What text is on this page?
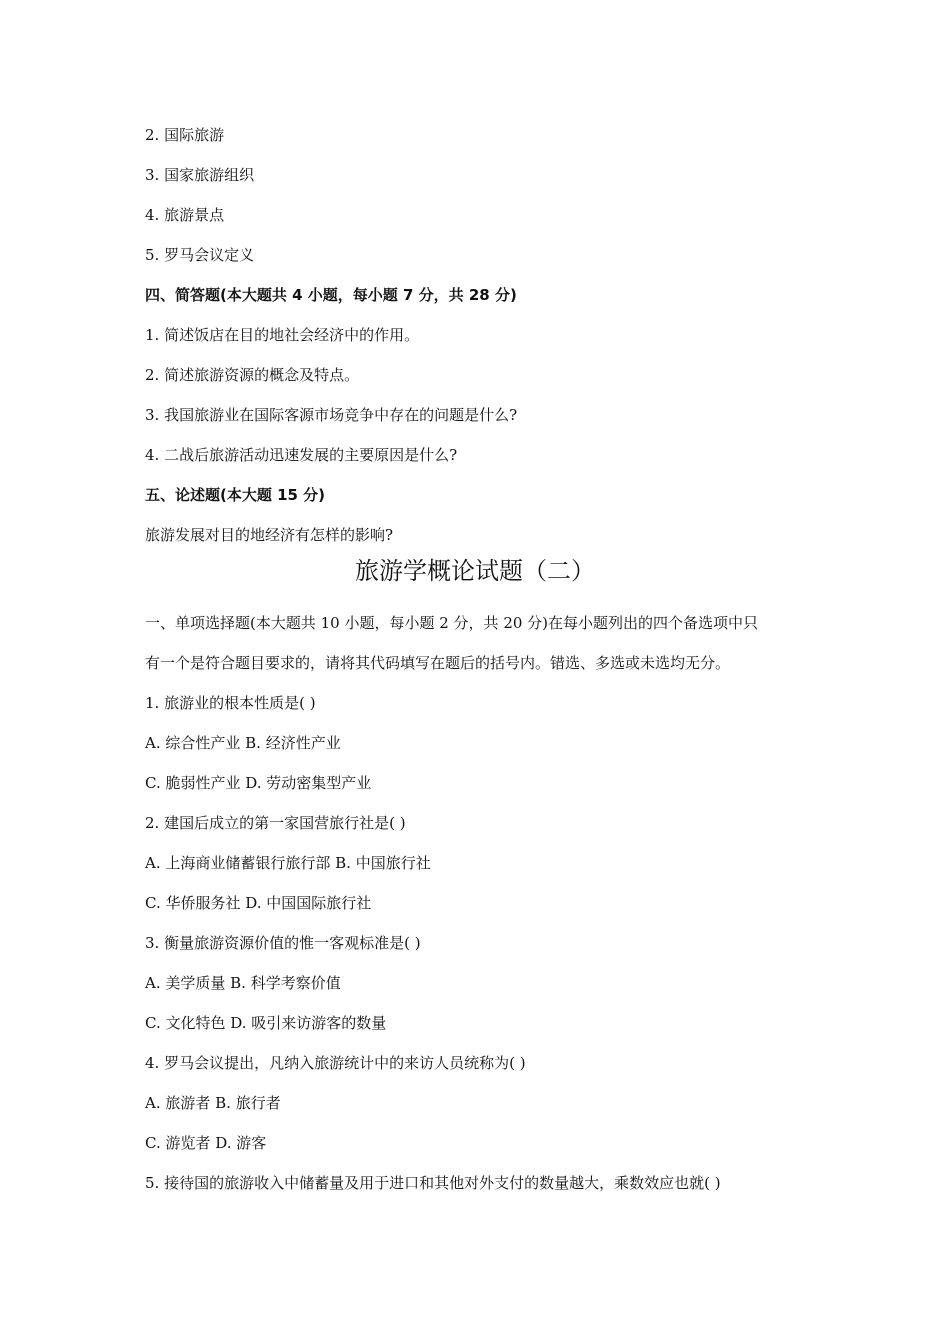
2. 国际旅游
3. 国家旅游组织
4. 旅游景点
5. 罗马会议定义
四、简答题(本大题共 4 小题，每小题 7 分，共 28 分)
1. 简述饭店在目的地社会经济中的作用。
2. 简述旅游资源的概念及特点。
3. 我国旅游业在国际客源市场竞争中存在的问题是什么?
4. 二战后旅游活动迅速发展的主要原因是什么?
五、论述题(本大题 15 分)
旅游发展对目的地经济有怎样的影响?
旅游学概论试题（二）
一、单项选择题(本大题共 10 小题，每小题 2 分，共 20 分)在每小题列出的四个备选项中只
有一个是符合题目要求的，请将其代码填写在题后的括号内。错选、多选或未选均无分。
1. 旅游业的根本性质是( )
A. 综合性产业 B. 经济性产业
C. 脆弱性产业 D. 劳动密集型产业
2. 建国后成立的第一家国营旅行社是( )
A. 上海商业储蓄银行旅行部 B. 中国旅行社
C. 华侨服务社 D. 中国国际旅行社
3. 衡量旅游资源价值的惟一客观标准是( )
A. 美学质量 B. 科学考察价值
C. 文化特色 D. 吸引来访游客的数量
4. 罗马会议提出，凡纳入旅游统计中的来访人员统称为( )
A. 旅游者 B. 旅行者
C. 游览者 D. 游客
5. 接待国的旅游收入中储蓄量及用于进口和其他对外支付的数量越大，乘数效应也就( )
